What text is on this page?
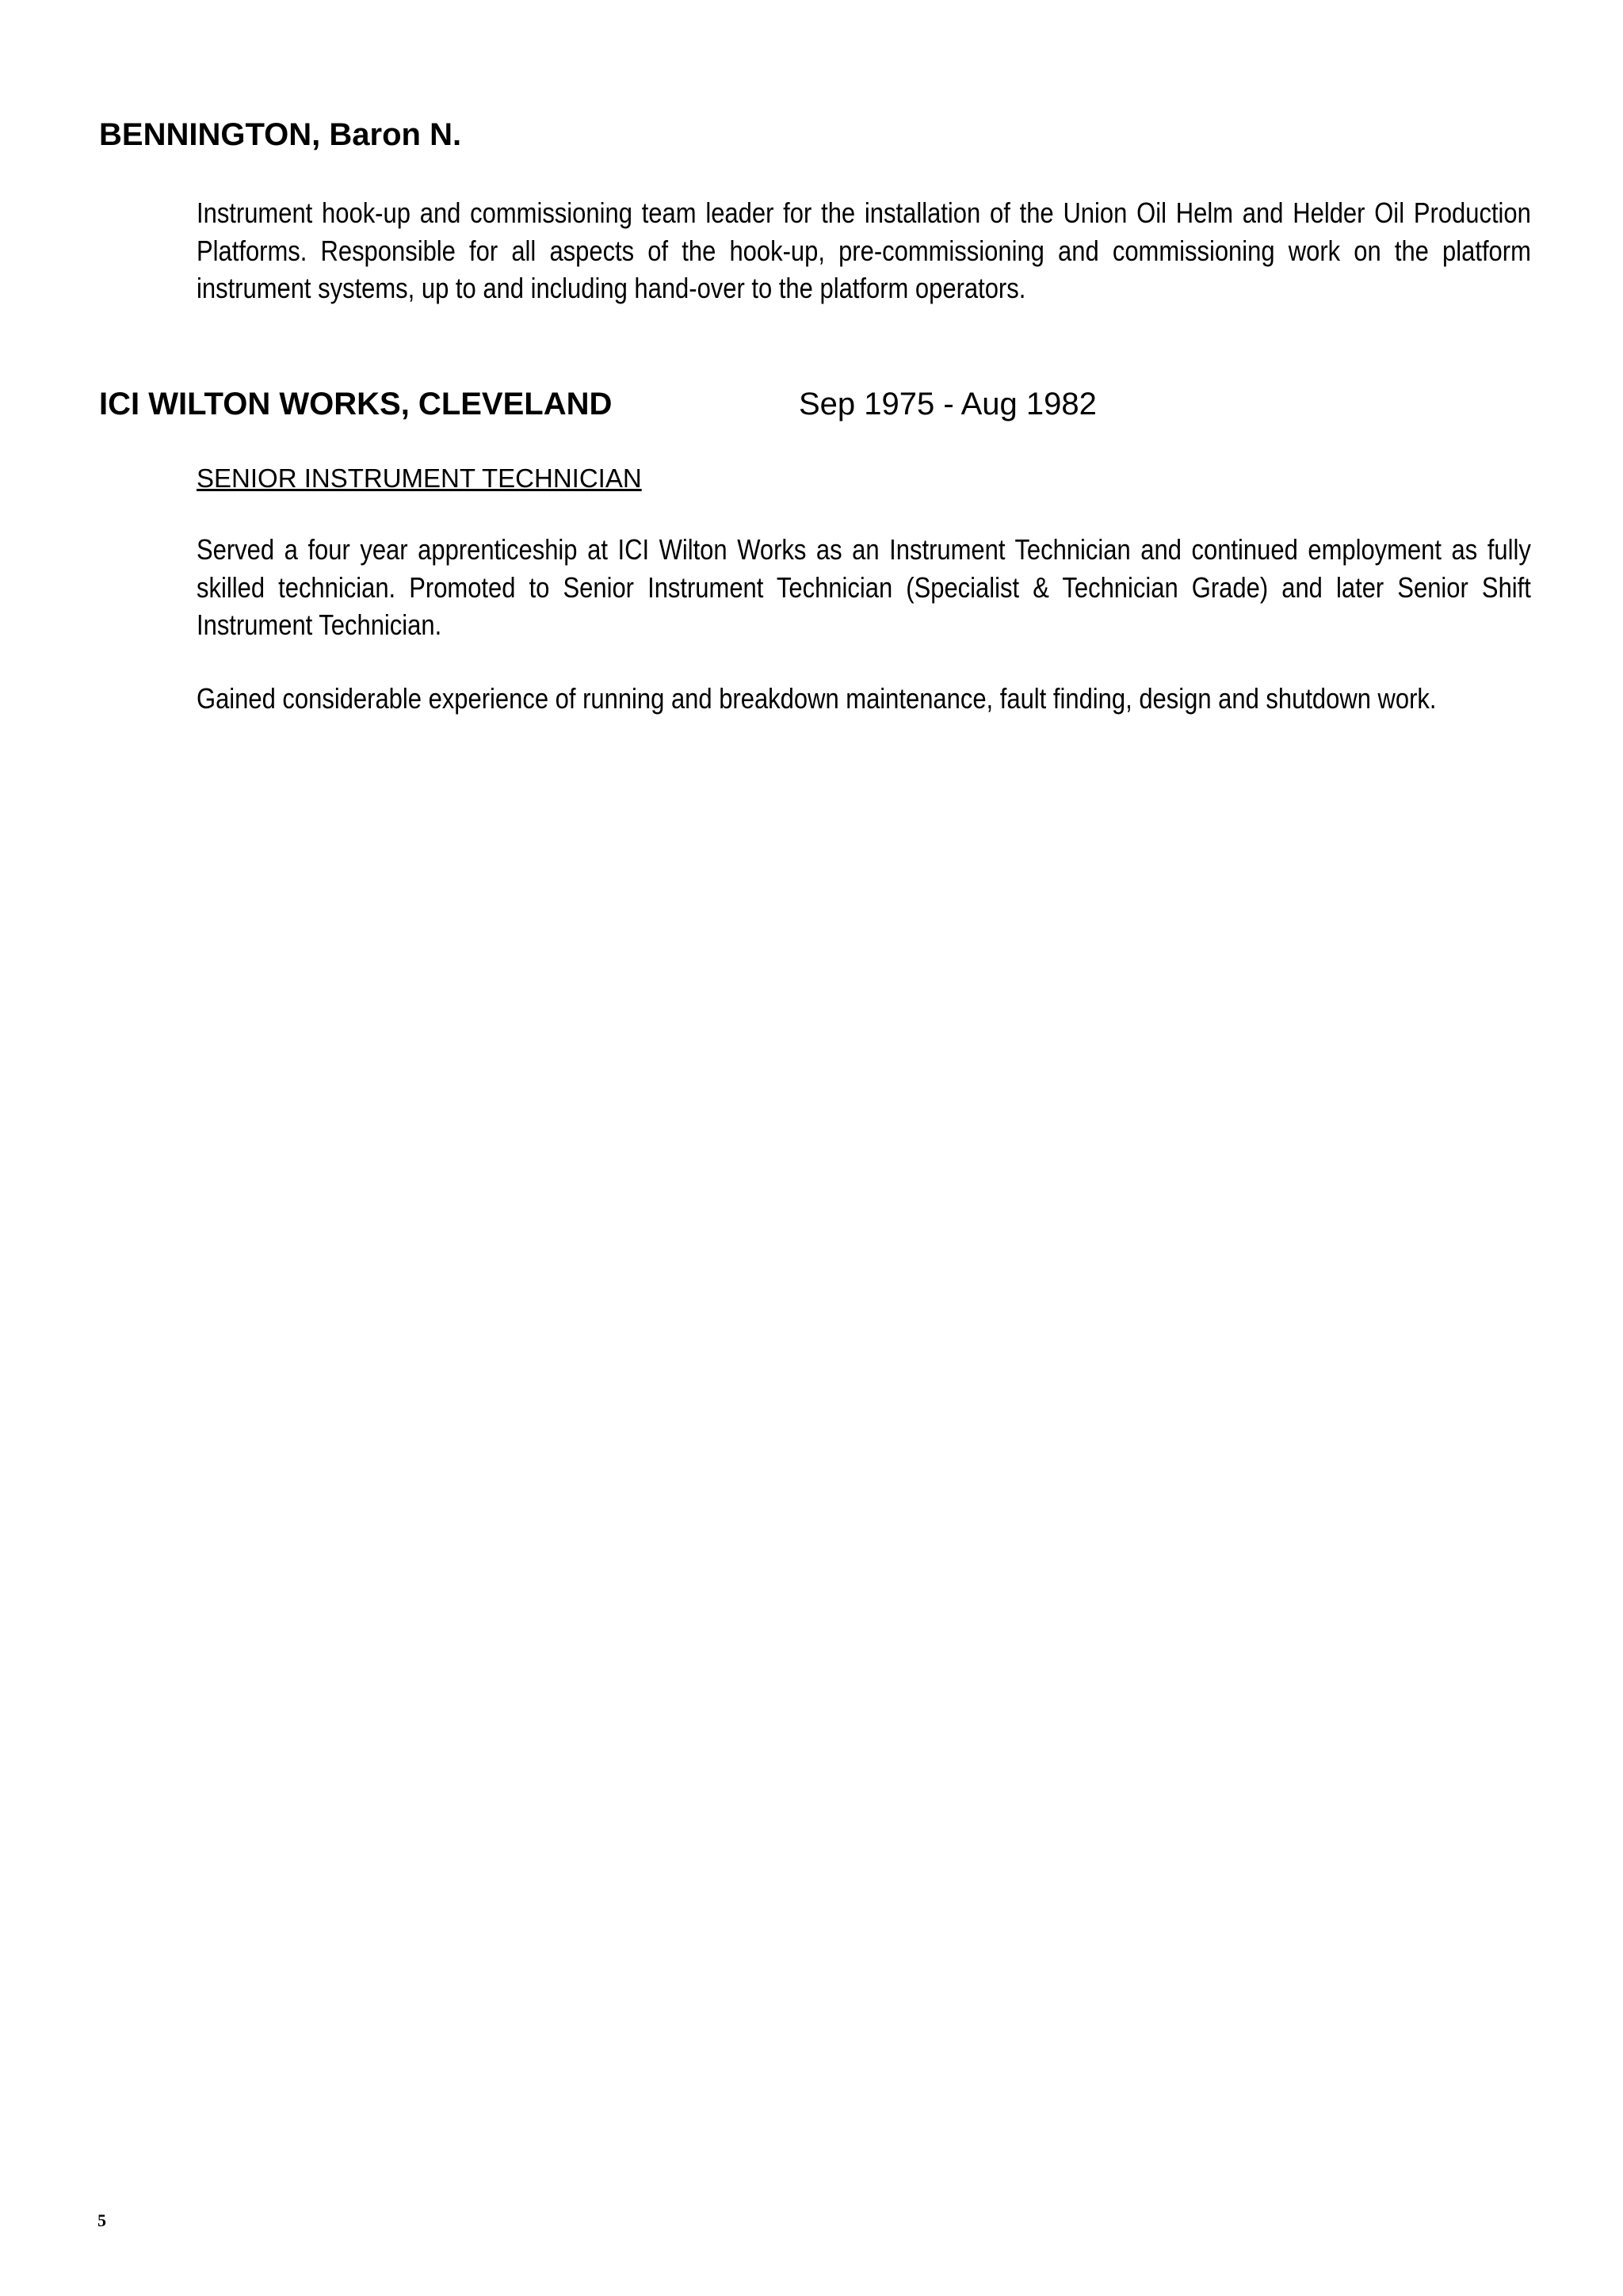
BENNINGTON, Baron N.
Instrument hook-up and commissioning team leader for the installation of the Union Oil Helm and Helder Oil Production Platforms. Responsible for all aspects of the hook-up, pre-commissioning and commissioning work on the platform instrument systems, up to and including hand-over to the platform operators.
ICI WILTON WORKS, CLEVELAND	Sep 1975 - Aug 1982
SENIOR INSTRUMENT TECHNICIAN
Served a four year apprenticeship at ICI Wilton Works as an Instrument Technician and continued employment as fully skilled technician. Promoted to Senior Instrument Technician (Specialist & Technician Grade) and later Senior Shift Instrument Technician.
Gained considerable experience of running and breakdown maintenance, fault finding, design and shutdown work.
5
